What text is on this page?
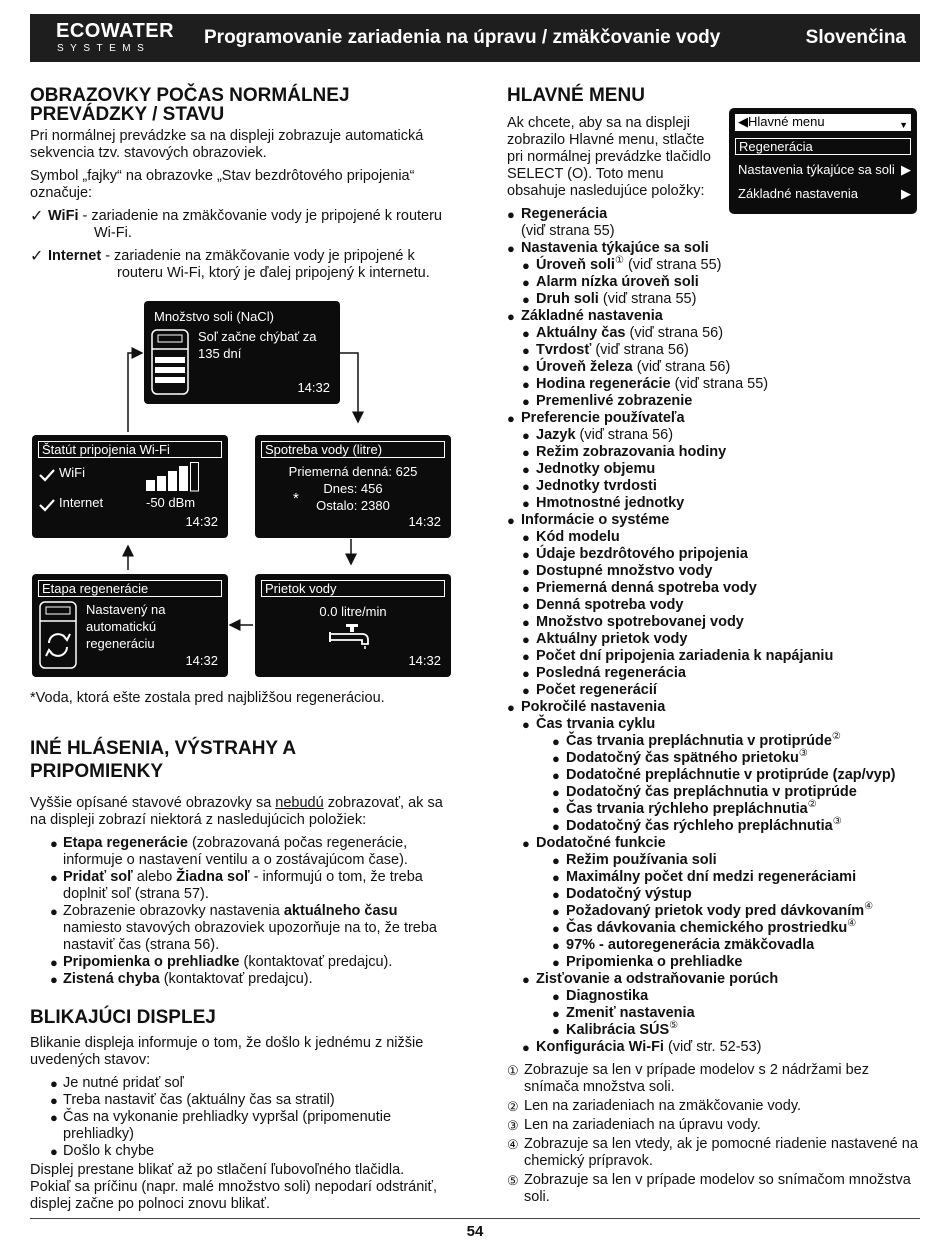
ECOWATER
SYSTEMS
Programovanie zariadenia na úpravu / zmäkčovanie vody	Slovenčina
OBRAZOVKY POČAS NORMÁLNEJ
PREVÁDZKY / STAVU

Pri normálnej prevádzke sa na displeji zobrazuje automatická sekvencia tzv. stavových obrazoviek.

Symbol „fajky“ na obrazovke „Stav bezdrôtového pripojenia“ označuje:

✓ WiFi - zariadenie na zmäkčovanie vody je pripojené k routeru Wi-Fi.
✓ Internet - zariadenie na zmäkčovanie vody je pripojené k routeru Wi-Fi, ktorý je ďalej pripojený k internetu.
Množstvo soli (NaCl)
Soľ začne chýbať za
135 dní
14:32
Štatút pripojenia Wi-Fi
WiFi
Internet	-50 dBm
14:32
Spotreba vody (litre)
Priemerná denná: 625
Dnes: 456
*	Ostalo: 2380
14:32
Etapa regenerácie
Nastavený na
automatickú
regeneráciu
14:32
Prietok vody
0.0 litre/min
14:32

*Voda, ktorá ešte zostala pred najbližšou regeneráciou.

INÉ HLÁSENIA, VÝSTRAHY A
PRIPOMIENKY

Vyššie opísané stavové obrazovky sa nebudú zobrazovať, ak sa na displeji zobrazí niektorá z nasledujúcich položiek:

● Etapa regenerácie (zobrazovaná počas regenerácie, informuje o nastavení ventilu a o zostávajúcom čase).
● Pridať soľ alebo Žiadna soľ - informujú o tom, že treba doplniť soľ (strana 57).
● Zobrazenie obrazovky nastavenia aktuálneho času namiesto stavových obrazoviek upozorňuje na to, že treba nastaviť čas (strana 56).
● Pripomienka o prehliadke (kontaktovať predajcu).
● Zistená chyba (kontaktovať predajcu).
BLIKAJÚCI DISPLEJ

Blikanie displeja informuje o tom, že došlo k jednému z nižšie uvedených stavov:

● Je nutné pridať soľ
● Treba nastaviť čas (aktuálny čas sa stratil)
● Čas na vykonanie prehliadky vypršal (pripomenutie prehliadky)
● Došlo k chybe

Displej prestane blikať až po stlačení ľubovoľného tlačidla. Pokiaľ sa príčinu (napr. malé množstvo soli) nepodarí odstrániť, displej začne po polnoci znovu blikať.

HLAVNÉ MENU
Ak chcete, aby sa na displeji zobrazilo Hlavné menu, stlačte pri normálnej prevádzke tlačidlo SELECT (O). Toto menu obsahuje nasledujúce položky:
◀Hlavné menu	▼
Regenerácia
Nastavenia týkajúce sa soli ▶
Základné nastavenia	▶
● Regenerácia
(viď strana 55)
● Nastavenia týkajúce sa soli
● Úroveň soli① (viď strana 55)
● Alarm nízka úroveň soli
● Druh soli (viď strana 55)
● Základné nastavenia
● Aktuálny čas (viď strana 56)
● Tvrdosť (viď strana 56)
● Úroveň železa (viď strana 56)
● Hodina regenerácie (viď strana 55)
● Premenlivé zobrazenie
● Preferencie používateľa
● Jazyk (viď strana 56)
● Režim zobrazovania hodiny
● Jednotky objemu
● Jednotky tvrdosti
● Hmotnostné jednotky
● Informácie o systéme
● Kód modelu
● Údaje bezdrôtového pripojenia
● Dostupné množstvo vody
● Priemerná denná spotreba vody
● Denná spotreba vody
● Množstvo spotrebovanej vody
● Aktuálny prietok vody
● Počet dní pripojenia zariadenia k napájaniu
● Posledná regenerácia
● Počet regenerácií
● Pokročilé nastavenia
● Čas trvania cyklu
● Čas trvania prepláchnutia v protiprúde②
● Dodatočný čas spätného prietoku③
● Dodatočné prepláchnutie v protiprúde (zap/vyp)
● Dodatočný čas prepláchnutia v protiprúde
● Čas trvania rýchleho prepláchnutia②
● Dodatočný čas rýchleho prepláchnutia③
● Dodatočné funkcie
● Režim používania soli
● Maximálny počet dní medzi regeneráciami
● Dodatočný výstup
● Požadovaný prietok vody pred dávkovaním④
● Čas dávkovania chemického prostriedku④
● 97% - autoregenerácia zmäkčovadla
● Pripomienka o prehliadke
● Zisťovanie a odstraňovanie porúch
● Diagnostika
● Zmeniť nastavenia
● Kalibrácia SÚS⑤
● Konfigurácia Wi-Fi (viď str. 52-53)
① Zobrazuje sa len v prípade modelov s 2 nádržami bez snímača množstva soli.
② Len na zariadeniach na zmäkčovanie vody.
③ Len na zariadeniach na úpravu vody.
④ Zobrazuje sa len vtedy, ak je pomocné riadenie nastavené na chemický prípravok.
⑤ Zobrazuje sa len v prípade modelov so snímačom množstva soli.
54
